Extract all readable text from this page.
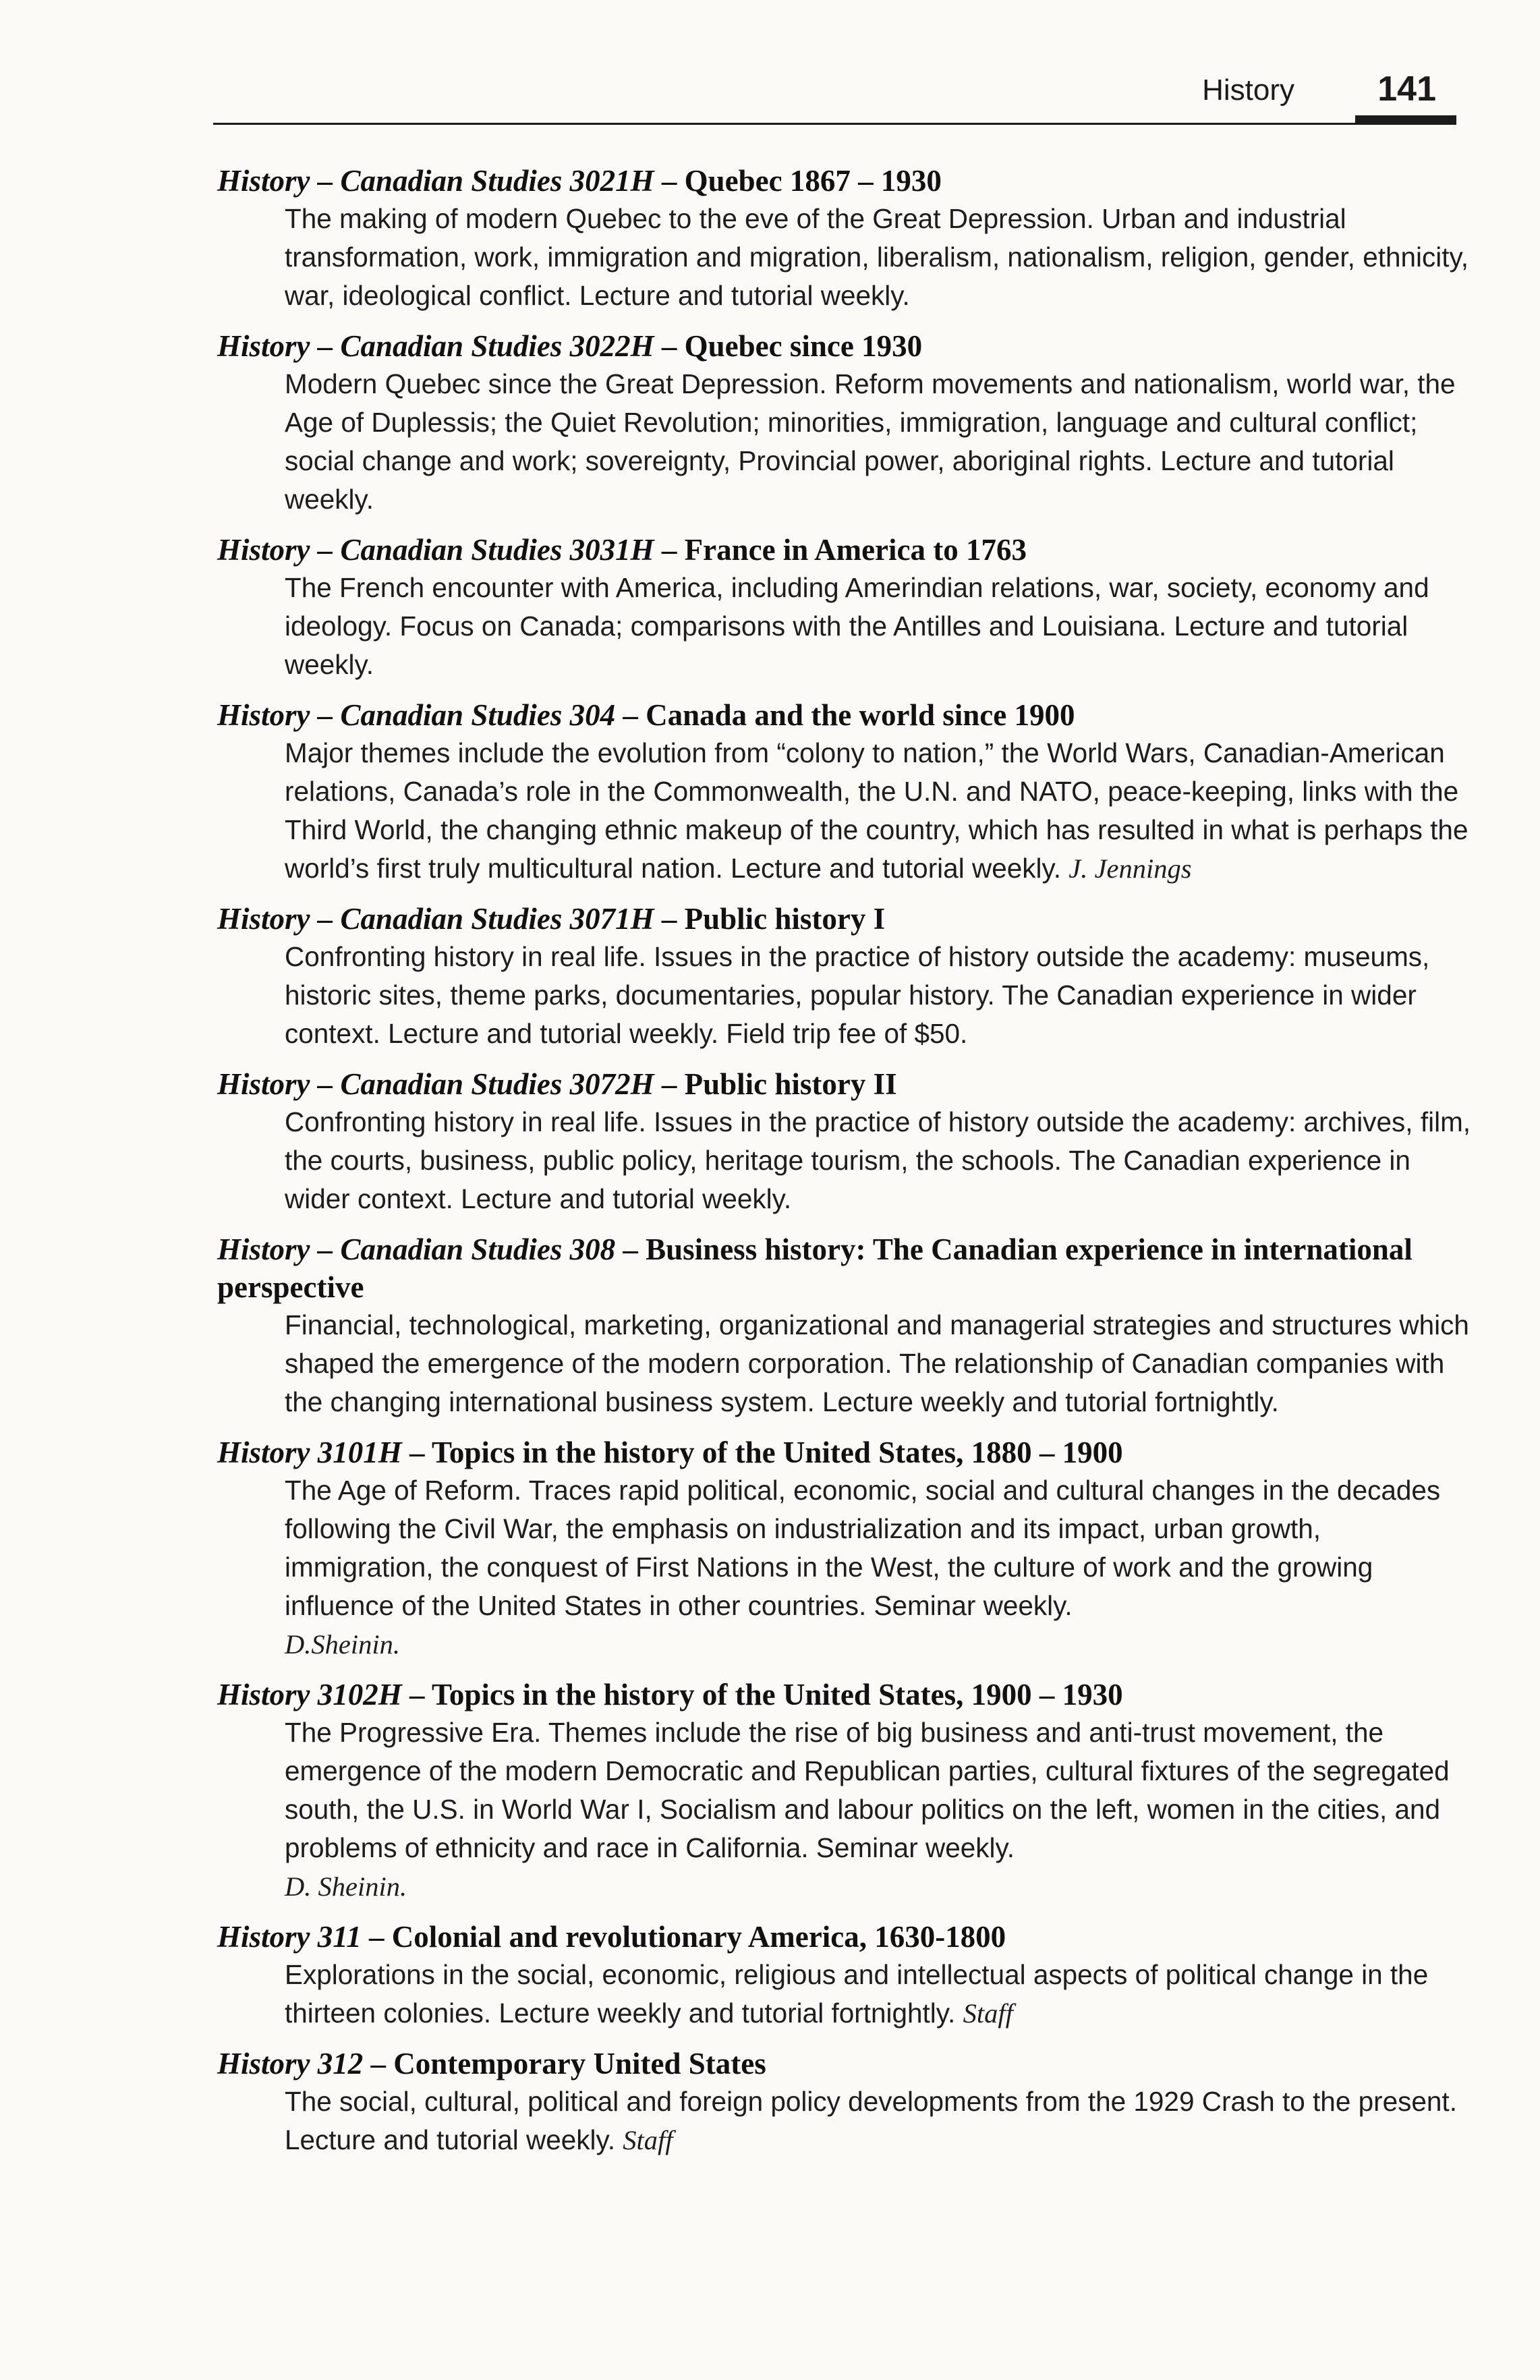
History 141
History – Canadian Studies 3021H – Quebec 1867 – 1930
The making of modern Quebec to the eve of the Great Depression. Urban and industrial transformation, work, immigration and migration, liberalism, nationalism, religion, gender, ethnicity, war, ideological conflict. Lecture and tutorial weekly.
History – Canadian Studies 3022H – Quebec since 1930
Modern Quebec since the Great Depression. Reform movements and nationalism, world war, the Age of Duplessis; the Quiet Revolution; minorities, immigration, language and cultural conflict; social change and work; sovereignty, Provincial power, aboriginal rights. Lecture and tutorial weekly.
History – Canadian Studies 3031H – France in America to 1763
The French encounter with America, including Amerindian relations, war, society, economy and ideology. Focus on Canada; comparisons with the Antilles and Louisiana. Lecture and tutorial weekly.
History – Canadian Studies 304 – Canada and the world since 1900
Major themes include the evolution from “colony to nation,” the World Wars, Canadian-American relations, Canada’s role in the Commonwealth, the U.N. and NATO, peace-keeping, links with the Third World, the changing ethnic makeup of the country, which has resulted in what is perhaps the world’s first truly multicultural nation. Lecture and tutorial weekly. J. Jennings
History – Canadian Studies 3071H – Public history I
Confronting history in real life. Issues in the practice of history outside the academy: museums, historic sites, theme parks, documentaries, popular history. The Canadian experience in wider context. Lecture and tutorial weekly. Field trip fee of $50.
History – Canadian Studies 3072H – Public history II
Confronting history in real life. Issues in the practice of history outside the academy: archives, film, the courts, business, public policy, heritage tourism, the schools. The Canadian experience in wider context. Lecture and tutorial weekly.
History – Canadian Studies 308 – Business history: The Canadian experience in international perspective
Financial, technological, marketing, organizational and managerial strategies and structures which shaped the emergence of the modern corporation. The relationship of Canadian companies with the changing international business system. Lecture weekly and tutorial fortnightly.
History 3101H – Topics in the history of the United States, 1880 – 1900
The Age of Reform. Traces rapid political, economic, social and cultural changes in the decades following the Civil War, the emphasis on industrialization and its impact, urban growth, immigration, the conquest of First Nations in the West, the culture of work and the growing influence of the United States in other countries. Seminar weekly.
D.Sheinin.
History 3102H – Topics in the history of the United States, 1900 – 1930
The Progressive Era. Themes include the rise of big business and anti-trust movement, the emergence of the modern Democratic and Republican parties, cultural fixtures of the segregated south, the U.S. in World War I, Socialism and labour politics on the left, women in the cities, and problems of ethnicity and race in California. Seminar weekly.
D. Sheinin.
History 311 – Colonial and revolutionary America, 1630-1800
Explorations in the social, economic, religious and intellectual aspects of political change in the thirteen colonies. Lecture weekly and tutorial fortnightly. Staff
History 312 – Contemporary United States
The social, cultural, political and foreign policy developments from the 1929 Crash to the present. Lecture and tutorial weekly. Staff
